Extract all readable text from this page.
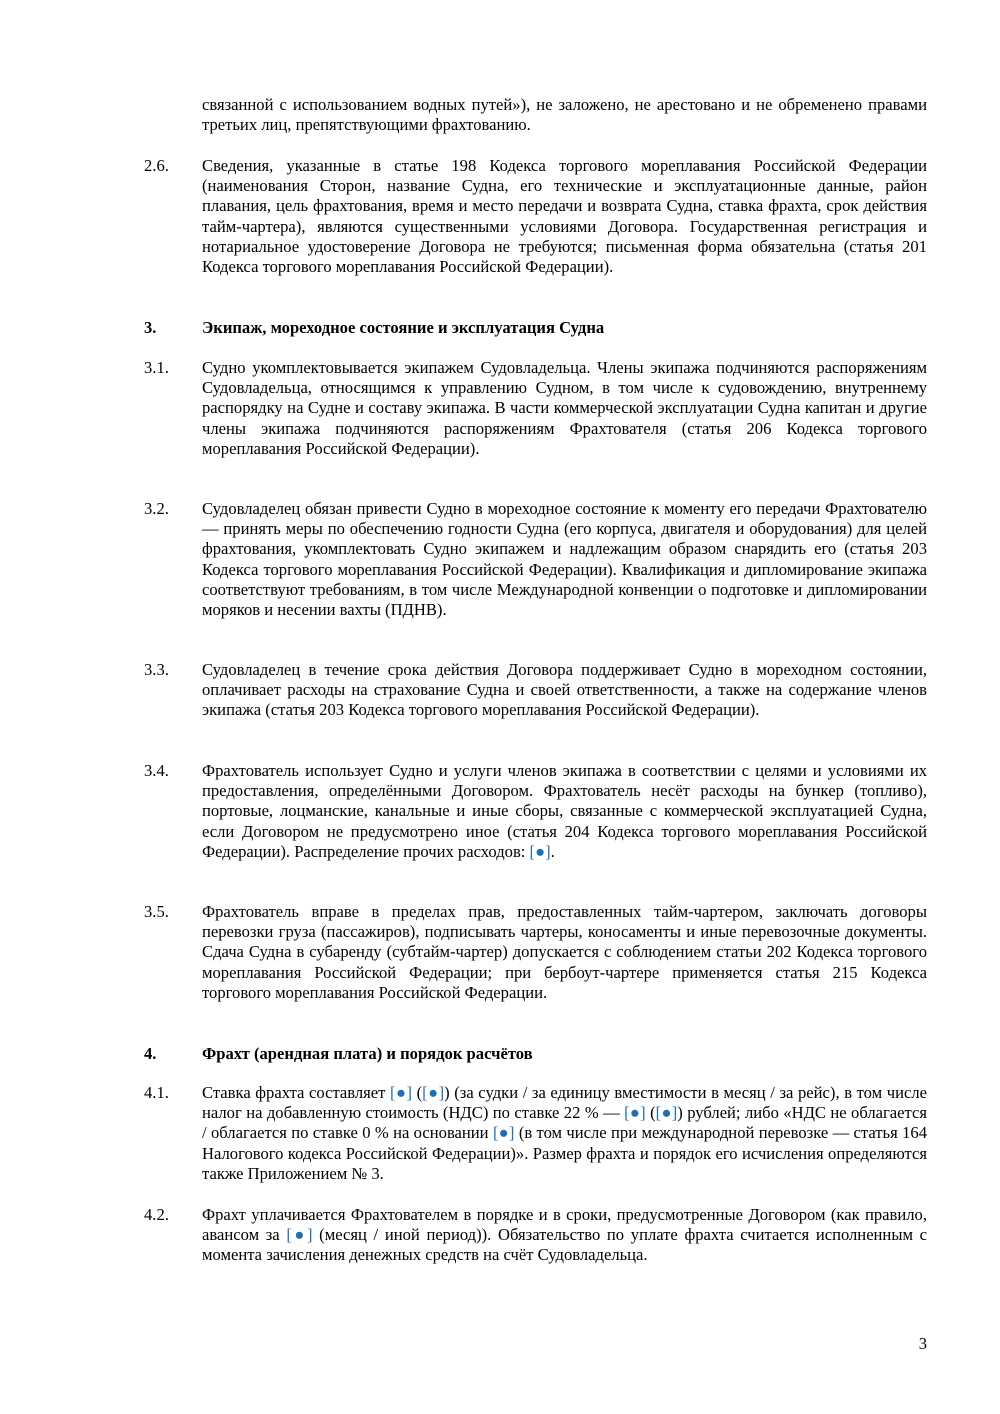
связанной с использованием водных путей»), не заложено, не арестовано и не обременено правами третьих лиц, препятствующими фрахтованию.

2.6.	Сведения, указанные в статье 198 Кодекса торгового мореплавания Российской Федерации (наименования Сторон, название Судна, его технические и эксплуатационные данные, район плавания, цель фрахтования, время и место передачи и возврата Судна, ставка фрахта, срок действия тайм-чартера), являются существенными условиями Договора. Государственная регистрация и нотариальное удостоверение Договора не требуются; письменная форма обязательна (статья 201 Кодекса торгового мореплавания Российской Федерации).

3.	Экипаж, мореходное состояние и эксплуатация Судна
3.1.	Судно укомплектовывается экипажем Судовладельца. Члены экипажа подчиняются распоряжениям Судовладельца, относящимся к управлению Судном, в том числе к судовождению, внутреннему распорядку на Судне и составу экипажа. В части коммерческой эксплуатации Судна капитан и другие члены экипажа подчиняются распоряжениям Фрахтователя (статья 206 Кодекса торгового мореплавания Российской Федерации).

3.2.	Судовладелец обязан привести Судно в мореходное состояние к моменту его передачи Фрахтователю — принять меры по обеспечению годности Судна (его корпуса, двигателя и оборудования) для целей фрахтования, укомплектовать Судно экипажем и надлежащим образом снарядить его (статья 203 Кодекса торгового мореплавания Российской Федерации). Квалификация и дипломирование экипажа соответствуют требованиям, в том числе Международной конвенции о подготовке и дипломировании моряков и несении вахты (ПДНВ).

3.3.	Судовладелец в течение срока действия Договора поддерживает Судно в мореходном состоянии, оплачивает расходы на страхование Судна и своей ответственности, а также на содержание членов экипажа (статья 203 Кодекса торгового мореплавания Российской Федерации).

3.4.	Фрахтователь использует Судно и услуги членов экипажа в соответствии с целями и условиями их предоставления, определёнными Договором. Фрахтователь несёт расходы на бункер (топливо), портовые, лоцманские, канальные и иные сборы, связанные с коммерческой эксплуатацией Судна, если Договором не предусмотрено иное (статья 204 Кодекса торгового мореплавания Российской Федерации). Распределение прочих расходов: [●].

3.5.	Фрахтователь вправе в пределах прав, предоставленных тайм-чартером, заключать договоры перевозки груза (пассажиров), подписывать чартеры, коносаменты и иные перевозочные документы. Сдача Судна в субаренду (субтайм-чартер) допускается с соблюдением статьи 202 Кодекса торгового мореплавания Российской Федерации; при бербоут-чартере применяется статья 215 Кодекса торгового мореплавания Российской Федерации.

4.	Фрахт (арендная плата) и порядок расчётов
4.1.	Ставка фрахта составляет [●] ([●]) (за судки / за единицу вместимости в месяц / за рейс), в том числе налог на добавленную стоимость (НДС) по ставке 22 % — [●] ([●]) рублей; либо «НДС не облагается / облагается по ставке 0 % на основании [●] (в том числе при международной перевозке — статья 164 Налогового кодекса Российской Федерации)». Размер фрахта и порядок его исчисления определяются также Приложением № 3.

4.2.	Фрахт уплачивается Фрахтователем в порядке и в сроки, предусмотренные Договором (как правило, авансом за [●] (месяц / иной период)). Обязательство по уплате фрахта считается исполненным с момента зачисления денежных средств на счёт Судовладельца.

3
